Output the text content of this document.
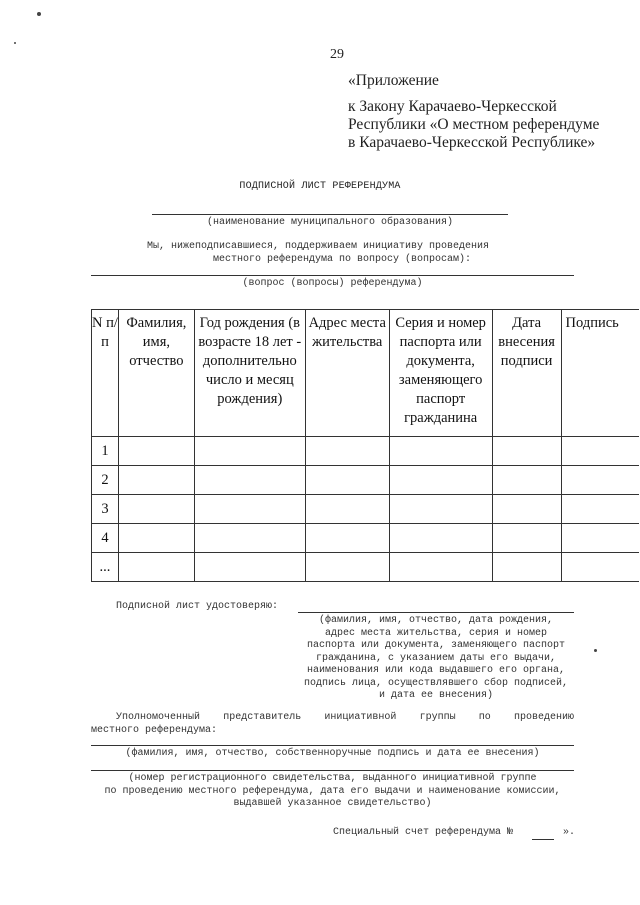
29
«Приложение
к Закону Карачаево-Черкесской
Республики «О местном референдуме
в Карачаево-Черкесской Республике»
ПОДПИСНОЙ ЛИСТ РЕФЕРЕНДУМА
(наименование муниципального образования)
Мы, нижеподписавшиеся, поддерживаем инициативу проведения
местного референдума по вопросу (вопросам):
(вопрос (вопросы) референдума)
N п/п	Фамилия, имя, отчество	Год рождения (в возрасте 18 лет - дополнительно число и месяц рождения)	Адрес места жительства	Серия и номер паспорта или документа, заменяющего паспорт гражданина	Дата внесения подписи	Подпись
1						
2						
3						
4						
...						
Подписной лист удостоверяю:
(фамилия, имя, отчество, дата рождения,
адрес места жительства, серия и номер
паспорта или документа, заменяющего паспорт
гражданина, с указанием даты его выдачи,
наименования или кода выдавшего его органа,
подпись лица, осуществлявшего сбор подписей,
и дата ее внесения)
Уполномоченный представитель инициативной группы по проведению
местного референдума:
(фамилия, имя, отчество, собственноручные подпись и дата ее внесения)
(номер регистрационного свидетельства, выданного инициативной группе
по проведению местного референдума, дата его выдачи и наименование комиссии,
выдавшей указанное свидетельство)
Специальный счет референдума №	».
